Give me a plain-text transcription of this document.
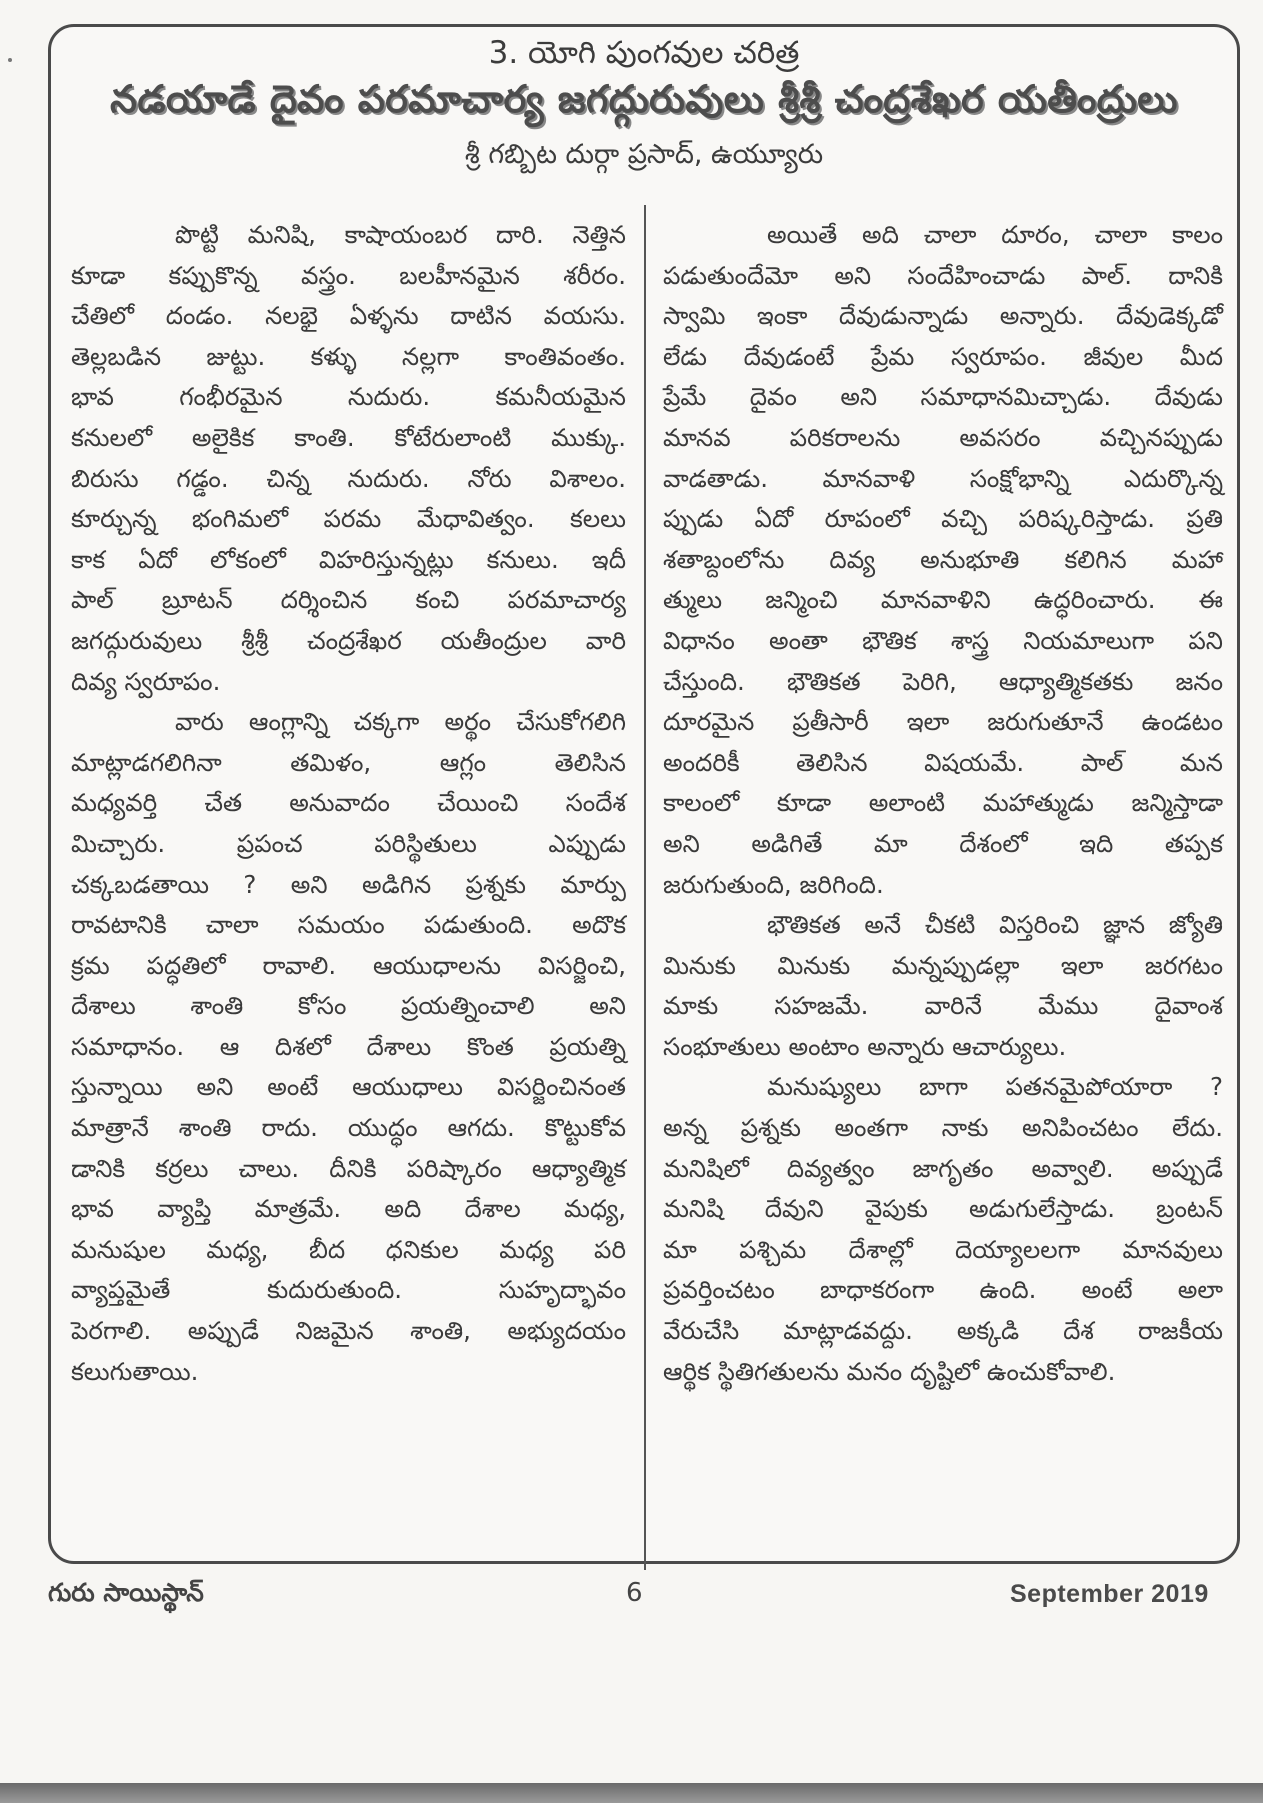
3. యోగి పుంగవుల చరిత్ర
నడయాడే దైవం పరమాచార్య జగద్గురువులు శ్రీశ్రీ చంద్రశేఖర యతీంద్రులు
శ్రీ గబ్బిట దుర్గా ప్రసాద్, ఉయ్యూరు
పొట్టి మనిషి, కాషాయంబర దారి. నెత్తిన
కూడా కప్పుకొన్న వస్త్రం. బలహీనమైన శరీరం.
చేతిలో దండం. నలభై ఏళ్ళను దాటిన వయసు.
తెల్లబడిన జుట్టు. కళ్ళు నల్లగా కాంతివంతం.
భావ గంభీరమైన నుదురు. కమనీయమైన
కనులలో అలైకిక కాంతి. కోటేరులాంటి ముక్కు.
బిరుసు గడ్డం. చిన్న నుదురు. నోరు విశాలం.
కూర్చున్న భంగిమలో పరమ మేధావిత్వం. కలలు
కాక ఏదో లోకంలో విహరిస్తున్నట్లు కనులు. ఇదీ
పాల్ బ్రూటన్ దర్శించిన కంచి పరమాచార్య
జగద్గురువులు శ్రీశ్రీ చంద్రశేఖర యతీంద్రుల వారి
దివ్య స్వరూపం.
వారు ఆంగ్లాన్ని చక్కగా అర్థం చేసుకోగలిగి
మాట్లాడగలిగినా తమిళం, ఆగ్లం తెలిసిన
మధ్యవర్తి చేత అనువాదం చేయించి సందేశ
మిచ్చారు. ప్రపంచ పరిస్థితులు ఎప్పుడు
చక్కబడతాయి ? అని అడిగిన ప్రశ్నకు మార్పు
రావటానికి చాలా సమయం పడుతుంది. అదొక
క్రమ పద్ధతిలో రావాలి. ఆయుధాలను విసర్జించి,
దేశాలు శాంతి కోసం ప్రయత్నించాలి అని
సమాధానం. ఆ దిశలో దేశాలు కొంత ప్రయత్ని
స్తున్నాయి అని అంటే ఆయుధాలు విసర్జించినంత
మాత్రానే శాంతి రాదు. యుద్ధం ఆగదు. కొట్టుకోవ
డానికి కర్రలు చాలు. దీనికి పరిష్కారం ఆధ్యాత్మిక
భావ వ్యాప్తి మాత్రమే. అది దేశాల మధ్య,
మనుషుల మధ్య, బీద ధనికుల మధ్య పరి
వ్యాప్తమైతే కుదురుతుంది. సుహృద్భావం
పెరగాలి. అప్పుడే నిజమైన శాంతి, అభ్యుదయం
కలుగుతాయి.
అయితే అది చాలా దూరం, చాలా కాలం
పడుతుందేమో అని సందేహించాడు పాల్. దానికి
స్వామి ఇంకా దేవుడున్నాడు అన్నారు. దేవుడెక్కడో
లేడు దేవుడంటే ప్రేమ స్వరూపం. జీవుల మీద
ప్రేమే దైవం అని సమాధానమిచ్చాడు. దేవుడు
మానవ పరికరాలను అవసరం వచ్చినప్పుడు
వాడతాడు. మానవాళి సంక్షోభాన్ని ఎదుర్కొన్న
ప్పుడు ఏదో రూపంలో వచ్చి పరిష్కరిస్తాడు. ప్రతి
శతాబ్దంలోను దివ్య అనుభూతి కలిగిన మహా
త్ములు జన్మించి మానవాళిని ఉద్ధరించారు. ఈ
విధానం అంతా భౌతిక శాస్త్ర నియమాలుగా పని
చేస్తుంది. భౌతికత పెరిగి, ఆధ్యాత్మికతకు జనం
దూరమైన ప్రతీసారీ ఇలా జరుగుతూనే ఉండటం
అందరికీ తెలిసిన విషయమే. పాల్ మన
కాలంలో కూడా అలాంటి మహాత్ముడు జన్మిస్తాడా
అని అడిగితే మా దేశంలో ఇది తప్పక
జరుగుతుంది, జరిగింది.
భౌతికత అనే చీకటి విస్తరించి జ్ఞాన జ్యోతి
మినుకు మినుకు మన్నప్పుడల్లా ఇలా జరగటం
మాకు సహజమే. వారినే మేము దైవాంశ
సంభూతులు అంటాం అన్నారు ఆచార్యులు.
మనుష్యులు బాగా పతనమైపోయారా ?
అన్న ప్రశ్నకు అంతగా నాకు అనిపించటం లేదు.
మనిషిలో దివ్యత్వం జాగృతం అవ్వాలి. అప్పుడే
మనిషి దేవుని వైపుకు అడుగులేస్తాడు. బ్రంటన్
మా పశ్చిమ దేశాల్లో దెయ్యాలలగా మానవులు
ప్రవర్తించటం బాధాకరంగా ఉంది. అంటే అలా
వేరుచేసి మాట్లాడవద్దు. అక్కడి దేశ రాజకీయ
ఆర్థిక స్థితిగతులను మనం దృష్టిలో ఉంచుకోవాలి.
గురు సాయిస్థాన్	6	September 2019
